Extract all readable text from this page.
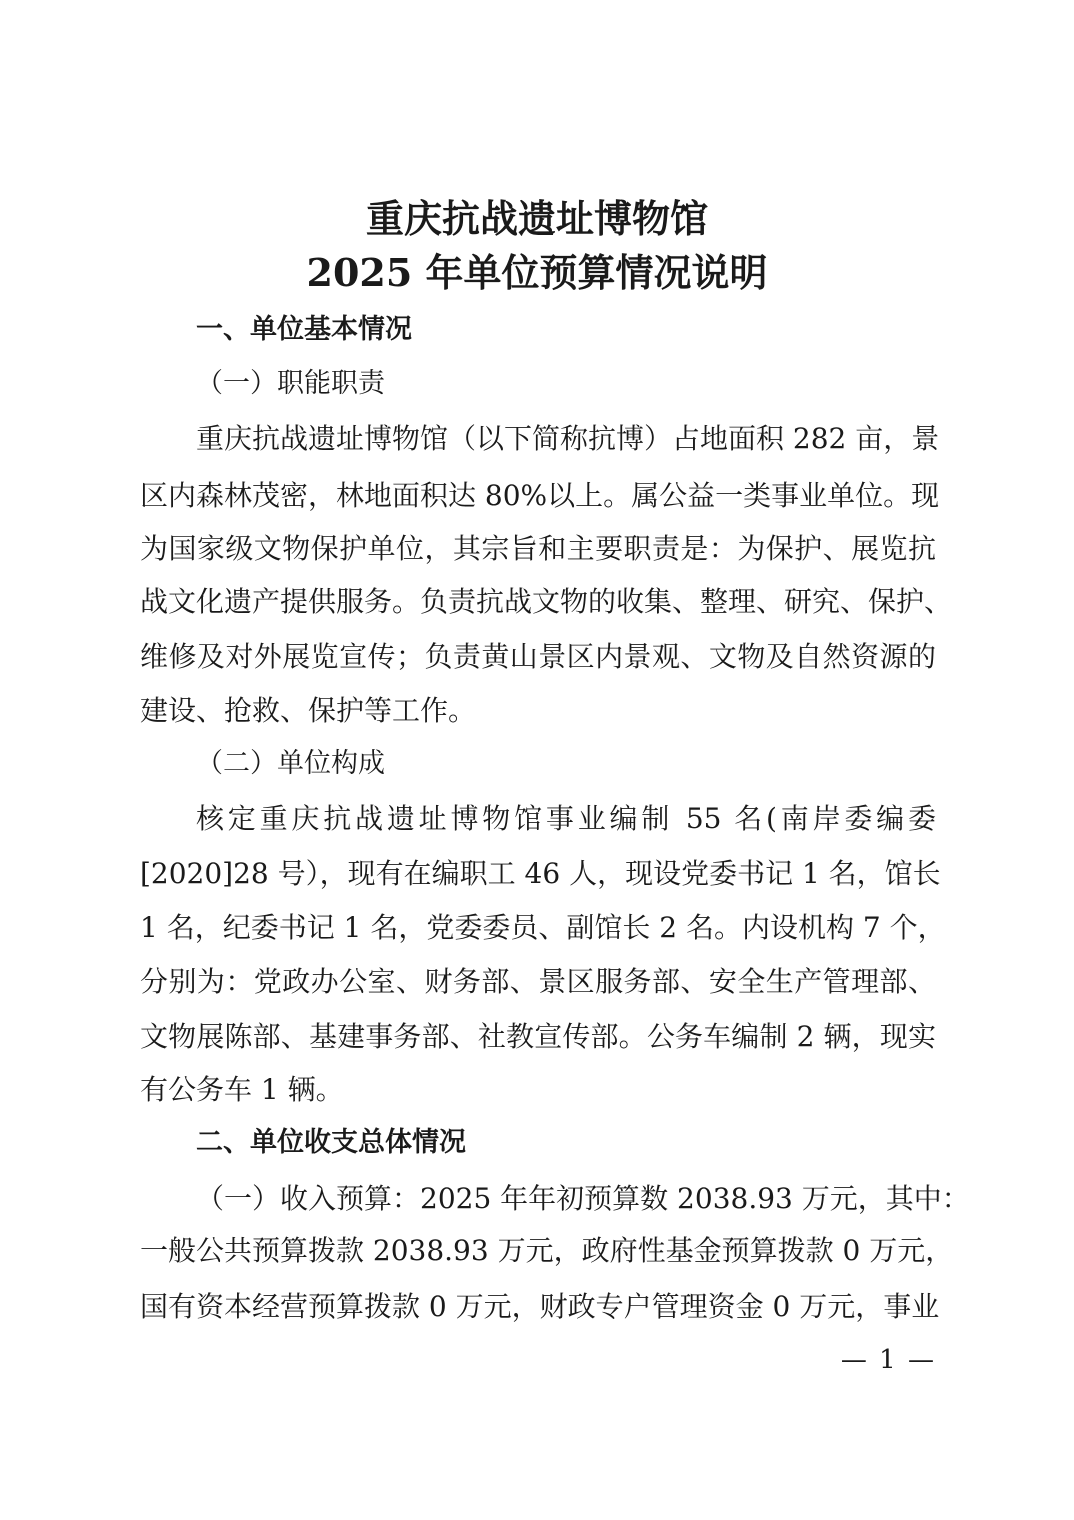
重庆抗战遗址博物馆
2025 年单位预算情况说明
一、单位基本情况
（一）职能职责
重庆抗战遗址博物馆（以下简称抗博）占地面积 282 亩，景
区内森林茂密，林地面积达 80%以上。属公益一类事业单位。现
为国家级文物保护单位，其宗旨和主要职责是：为保护、展览抗
战文化遗产提供服务。负责抗战文物的收集、整理、研究、保护、
维修及对外展览宣传；负责黄山景区内景观、文物及自然资源的
建设、抢救、保护等工作。
（二）单位构成
核定重庆抗战遗址博物馆事业编制 55 名(南岸委编委
[2020]28 号），现有在编职工 46 人，现设党委书记 1 名，馆长
1 名，纪委书记 1 名，党委委员、副馆长 2 名。内设机构 7 个，
分别为：党政办公室、财务部、景区服务部、安全生产管理部、
文物展陈部、基建事务部、社教宣传部。公务车编制 2 辆，现实
有公务车 1 辆。
二、单位收支总体情况
（一）收入预算：2025 年年初预算数 2038.93 万元，其中：
一般公共预算拨款 2038.93 万元，政府性基金预算拨款 0 万元，
国有资本经营预算拨款 0 万元，财政专户管理资金 0 万元，事业
— 1 —
